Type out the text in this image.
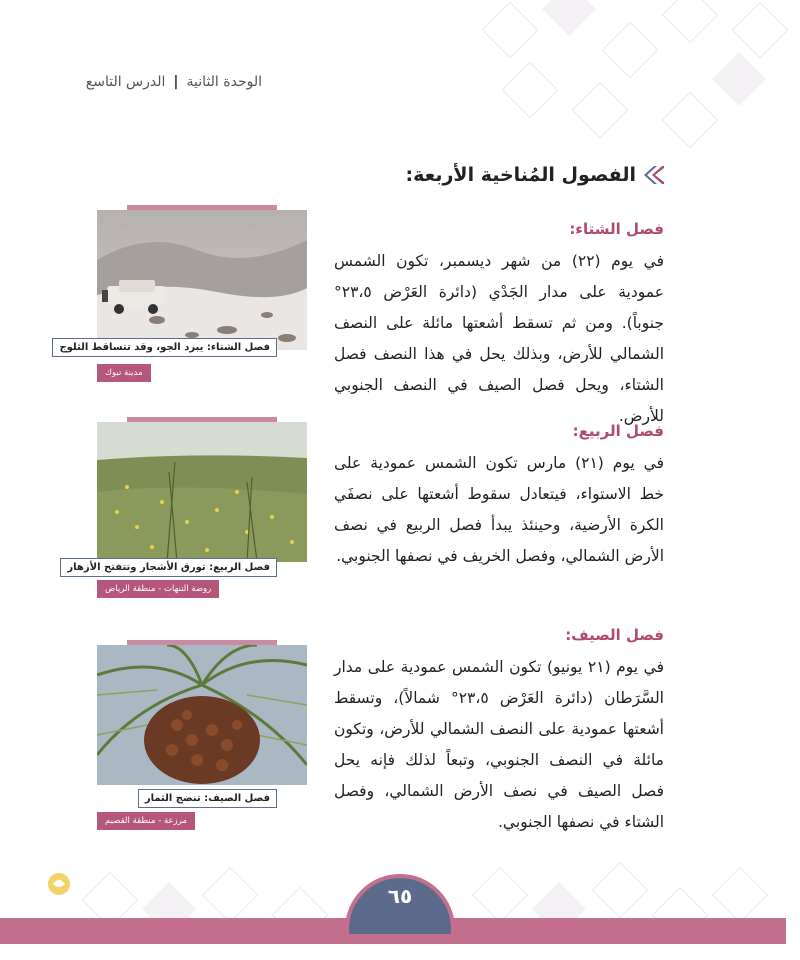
الوحدة الثانية
|
الدرس التاسع
الفصول المُناخية الأربعة:
فصل الشتاء:
في يوم (٢٢) من شهر ديسمبر، تكون الشمس عمودية على مدار الجَدْي (دائرة العَرْض ٢٣،٥° جنوباً). ومن ثم تسقط أشعتها مائلة على النصف الشمالي للأرض، وبذلك يحل في هذا النصف فصل الشتاء، ويحل فصل الصيف في النصف الجنوبي للأرض.
فصل الربيع:
في يوم (٢١) مارس تكون الشمس عمودية على خط الاستواء، فيتعادل سقوط أشعتها على نصفَي الكرة الأرضية، وحينئذ يبدأ فصل الربيع في نصف الأرض الشمالي، وفصل الخريف في نصفها الجنوبي.
فصل الصيف:
في يوم (٢١ يونيو) تكون الشمس عمودية على مدار السَّرَطان (دائرة العَرْض ٢٣،٥° شمالاً)، وتسقط أشعتها عمودية على النصف الشمالي للأرض، وتكون مائلة في النصف الجنوبي، وتبعاً لذلك فإنه يحل فصل الصيف في نصف الأرض الشمالي، وفصل الشتاء في نصفها الجنوبي.
فصل الشتاء: يبرد الجو، وقد تتساقط الثلوج
مدينة تبوك
فصل الربيع: تورق الأشجار وتتفتح الأزهار
روضة التنهات - منطقة الرياض
فصل الصيف: تنضج الثمار
مرزعة - منطقة القصيم
٦٥
